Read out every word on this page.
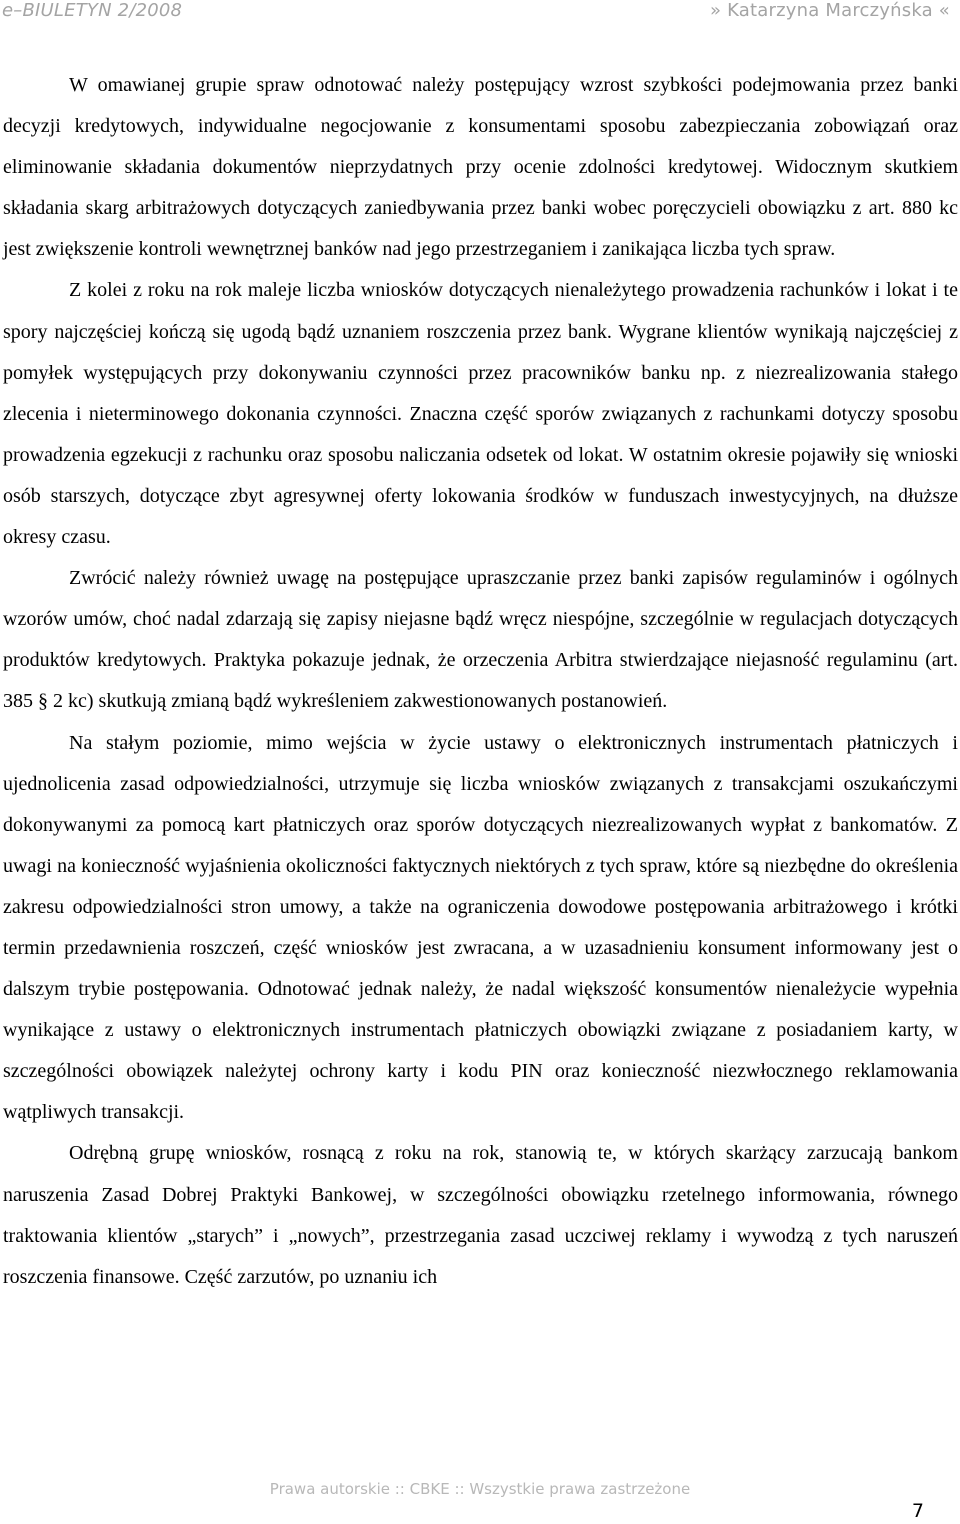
e–BIULETYN 2/2008	» Katarzyna Marczyńska «

W omawianej grupie spraw odnotować należy postępujący wzrost szybkości podejmowania przez banki decyzji kredytowych, indywidualne negocjowanie z konsumentami sposobu zabezpieczania zobowiązań oraz eliminowanie składania dokumentów nieprzydatnych przy ocenie zdolności kredytowej. Widocznym skutkiem składania skarg arbitrażowych dotyczących zaniedbywania przez banki wobec poręczycieli obowiązku z art. 880 kc jest zwiększenie kontroli wewnętrznej banków nad jego przestrzeganiem i zanikająca liczba tych spraw.

Z kolei z roku na rok maleje liczba wniosków dotyczących nienależytego prowadzenia rachunków i lokat i te spory najczęściej kończą się ugodą bądź uznaniem roszczenia przez bank. Wygrane klientów wynikają najczęściej z pomyłek występujących przy dokonywaniu czynności przez pracowników banku np. z niezrealizowania stałego zlecenia i nieterminowego dokonania czynności. Znaczna część sporów związanych z rachunkami dotyczy sposobu prowadzenia egzekucji z rachunku oraz sposobu naliczania odsetek od lokat. W ostatnim okresie pojawiły się wnioski osób starszych, dotyczące zbyt agresywnej oferty lokowania środków w funduszach inwestycyjnych, na dłuższe okresy czasu.

Zwrócić należy również uwagę na postępujące upraszczanie przez banki zapisów regulaminów i ogólnych wzorów umów, choć nadal zdarzają się zapisy niejasne bądź wręcz niespójne, szczególnie w regulacjach dotyczących produktów kredytowych. Praktyka pokazuje jednak, że orzeczenia Arbitra stwierdzające niejasność regulaminu (art. 385 § 2 kc) skutkują zmianą bądź wykreśleniem zakwestionowanych postanowień.

Na stałym poziomie, mimo wejścia w życie ustawy o elektronicznych instrumentach płatniczych i ujednolicenia zasad odpowiedzialności, utrzymuje się liczba wniosków związanych z transakcjami oszukańczymi dokonywanymi za pomocą kart płatniczych oraz sporów dotyczących niezrealizowanych wypłat z bankomatów. Z uwagi na konieczność wyjaśnienia okoliczności faktycznych niektórych z tych spraw, które są niezbędne do określenia zakresu odpowiedzialności stron umowy, a także na ograniczenia dowodowe postępowania arbitrażowego i krótki termin przedawnienia roszczeń, część wniosków jest zwracana, a w uzasadnieniu konsument informowany jest o dalszym trybie postępowania. Odnotować jednak należy, że nadal większość konsumentów nienależycie wypełnia wynikające z ustawy o elektronicznych instrumentach płatniczych obowiązki związane z posiadaniem karty, w szczególności obowiązek należytej ochrony karty i kodu PIN oraz konieczność niezwłocznego reklamowania wątpliwych transakcji.

Odrębną grupę wniosków, rosnącą z roku na rok, stanowią te, w których skarżący zarzucają bankom naruszenia Zasad Dobrej Praktyki Bankowej, w szczególności obowiązku rzetelnego informowania, równego traktowania klientów „starych” i „nowych”, przestrzegania zasad uczciwej reklamy i wywodzą z tych naruszeń roszczenia finansowe. Część zarzutów, po uznaniu ich

Prawa autorskie :: CBKE :: Wszystkie prawa zastrzeżone
7
